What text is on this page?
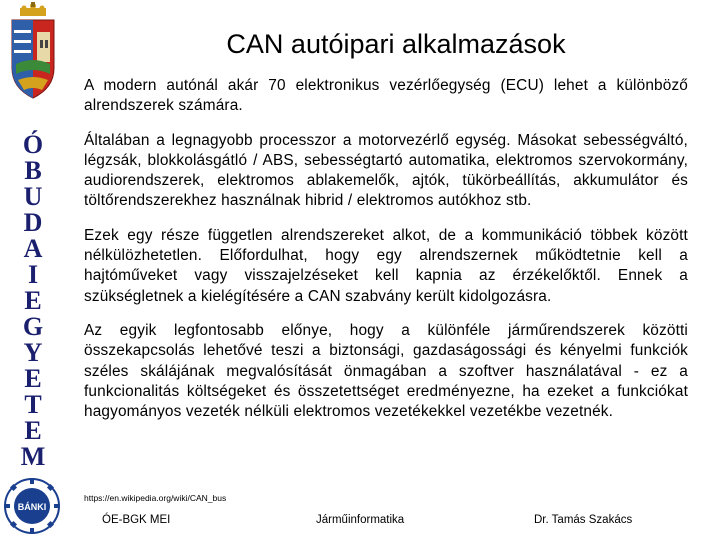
Ó
B
U
D
A
I
E
G
Y
E
T
E
M
BÁNKI
CAN autóipari alkalmazások

A modern autónál akár 70 elektronikus vezérlőegység (ECU) lehet a különböző alrendszerek számára.

Általában a legnagyobb processzor a motorvezérlő egység. Másokat sebességváltó, légzsák, blokkolásgátló / ABS, sebességtartó automatika, elektromos szervokormány, audiorendszerek, elektromos ablakemelők, ajtók, tükörbeállítás, akkumulátor és töltőrendszerekhez használnak hibrid / elektromos autókhoz stb.

Ezek egy része független alrendszereket alkot, de a kommunikáció többek között nélkülözhetetlen. Előfordulhat, hogy egy alrendszernek működtetnie kell a hajtóműveket vagy visszajelzéseket kell kapnia az érzékelőktől. Ennek a szükségletnek a kielégítésére a CAN szabvány került kidolgozásra.

Az egyik legfontosabb előnye, hogy a különféle járműrendszerek közötti összekapcsolás lehetővé teszi a biztonsági, gazdaságossági és kényelmi funkciók széles skálájának megvalósítását önmagában a szoftver használatával - ez a funkcionalitás költségeket és összetettséget eredményezne, ha ezeket a funkciókat hagyományos vezeték nélküli elektromos vezetékekkel vezetékbe vezetnék.

https://en.wikipedia.org/wiki/CAN_bus
ÓE-BGK MEI	Járműinformatika	Dr. Tamás Szakács
